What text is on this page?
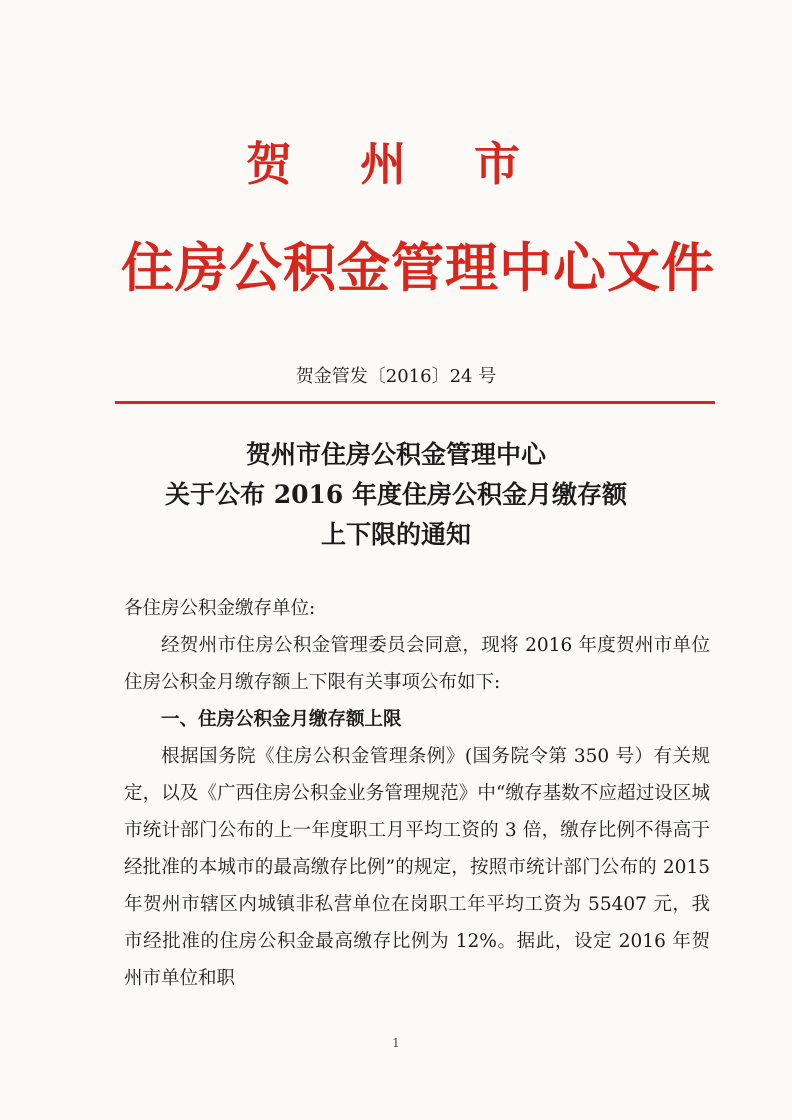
贺 州 市
住房公积金管理中心文件
贺金管发〔2016〕24 号
贺州市住房公积金管理中心
关于公布 2016 年度住房公积金月缴存额
上下限的通知

各住房公积金缴存单位:

经贺州市住房公积金管理委员会同意，现将 2016 年度贺州市单位住房公积金月缴存额上下限有关事项公布如下:

一、住房公积金月缴存额上限

根据国务院《住房公积金管理条例》(国务院令第 350 号）有关规定，以及《广西住房公积金业务管理规范》中“缴存基数不应超过设区城市统计部门公布的上一年度职工月平均工资的 3 倍，缴存比例不得高于经批准的本城市的最高缴存比例”的规定，按照市统计部门公布的 2015 年贺州市辖区内城镇非私营单位在岗职工年平均工资为 55407 元，我市经批准的住房公积金最高缴存比例为 12%。据此，设定 2016 年贺州市单位和职

1
